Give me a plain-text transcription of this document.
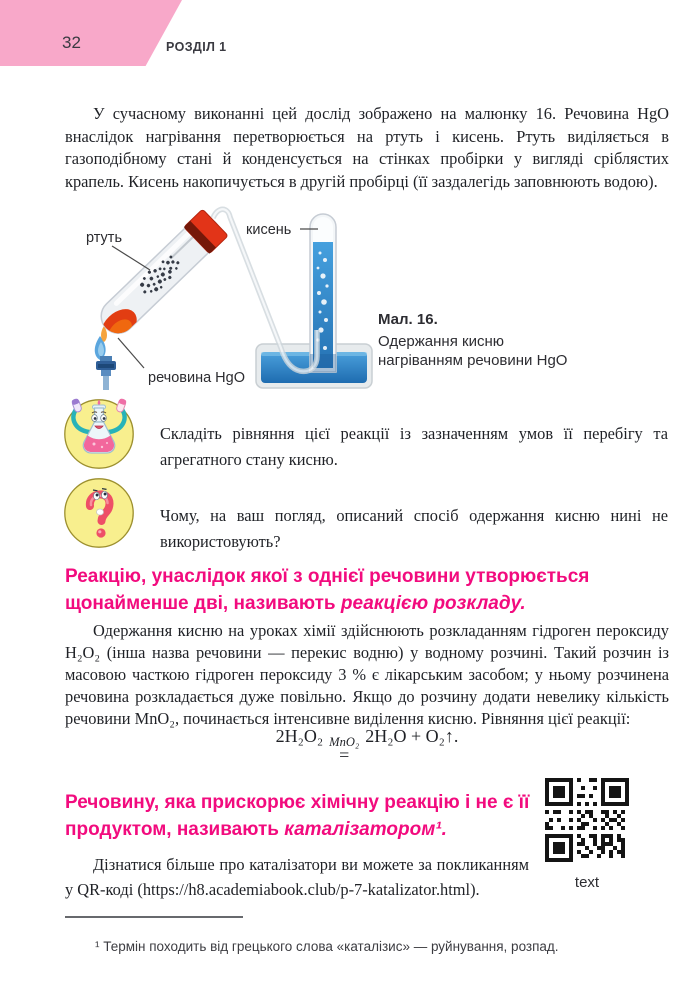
32	РОЗДІЛ 1

У сучасному виконанні цей дослід зображено на малюнку 16. Речовина HgO внаслідок нагрівання перетворюється на ртуть і кисень. Ртуть виділяється в газоподібному стані й конденсується на стінках пробірки у вигляді сріблястих крапель. Кисень накопичується в другій пробірці (її заздалегідь заповнюють водою).

ртуть	кисень
речовина HgO
Мал. 16.
Одержання кисню
нагріванням речовини HgO

Складіть рівняння цієї реакції із зазначенням умов її перебігу та агрегатного стану кисню.

Чому, на ваш погляд, описаний спосіб одержання кисню нині не використовують?

Реакцію, унаслідок якої з однієї речовини утворюється щонайменше дві, називають реакцією розкладу.

Одержання кисню на уроках хімії здійснюють розкладанням гідроген пероксиду H₂O₂ (інша назва речовини — перекис водню) у водному розчині. Такий розчин із масовою часткою гідроген пероксиду 3 % є лікарським засобом; у ньому розчинена речовина розкладається дуже повільно. Якщо до розчину додати невелику кількість речовини MnO₂, починається інтенсивне виділення кисню. Рівняння цієї реакції:

2H₂O₂ MnO₂
=
2H₂O + O₂↑.

Речовину, яка прискорює хімічну реакцію і не є її продуктом, називають каталізатором¹.

text

Дізнатися більше про каталізатори ви можете за покликанням у QR-коді (https://h8.academiabook.club/p-7-katalizator.html).

¹ Термін походить від грецького слова «каталізис» — руйнування, розпад.
